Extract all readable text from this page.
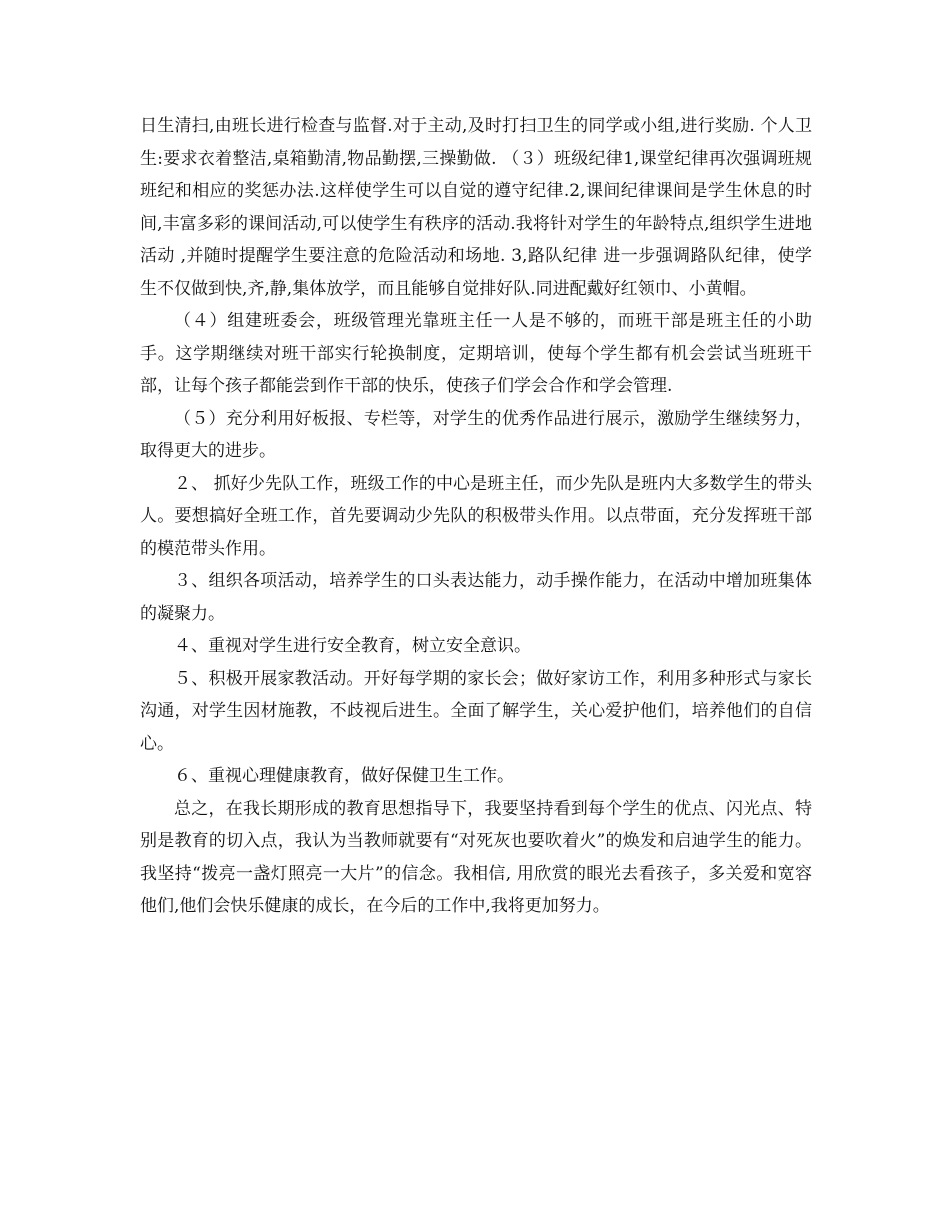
日生清扫,由班长进行检查与监督.对于主动,及时打扫卫生的同学或小组,进行奖励. 个人卫生:要求衣着整洁,桌箱勤清,物品勤摆,三操勤做. （３）班级纪律1,课堂纪律再次强调班规班纪和相应的奖惩办法.这样使学生可以自觉的遵守纪律.2,课间纪律课间是学生休息的时间,丰富多彩的课间活动,可以使学生有秩序的活动.我将针对学生的年龄特点,组织学生进地活动 ,并随时提醒学生要注意的危险活动和场地. 3,路队纪律 进一步强调路队纪律，使学生不仅做到快,齐,静,集体放学，而且能够自觉排好队.同进配戴好红领巾、小黄帽。

（４）组建班委会，班级管理光靠班主任一人是不够的，而班干部是班主任的小助手。这学期继续对班干部实行轮换制度，定期培训，使每个学生都有机会尝试当班班干部，让每个孩子都能尝到作干部的快乐，使孩子们学会合作和学会管理.

（５）充分利用好板报、专栏等，对学生的优秀作品进行展示，激励学生继续努力，取得更大的进步。

２、 抓好少先队工作，班级工作的中心是班主任，而少先队是班内大多数学生的带头人。要想搞好全班工作，首先要调动少先队的积极带头作用。以点带面，充分发挥班干部的模范带头作用。

３、组织各项活动，培养学生的口头表达能力，动手操作能力，在活动中增加班集体的凝聚力。

４、重视对学生进行安全教育，树立安全意识。

５、积极开展家教活动。开好每学期的家长会；做好家访工作，利用多种形式与家长沟通，对学生因材施教，不歧视后进生。全面了解学生，关心爱护他们，培养他们的自信心。

６、重视心理健康教育，做好保健卫生工作。

总之，在我长期形成的教育思想指导下，我要坚持看到每个学生的优点、闪光点、特别是教育的切入点，我认为当教师就要有“对死灰也要吹着火”的焕发和启迪学生的能力。我坚持“拨亮一盏灯照亮一大片”的信念。我相信, 用欣赏的眼光去看孩子，多关爱和宽容他们,他们会快乐健康的成长，在今后的工作中,我将更加努力。
